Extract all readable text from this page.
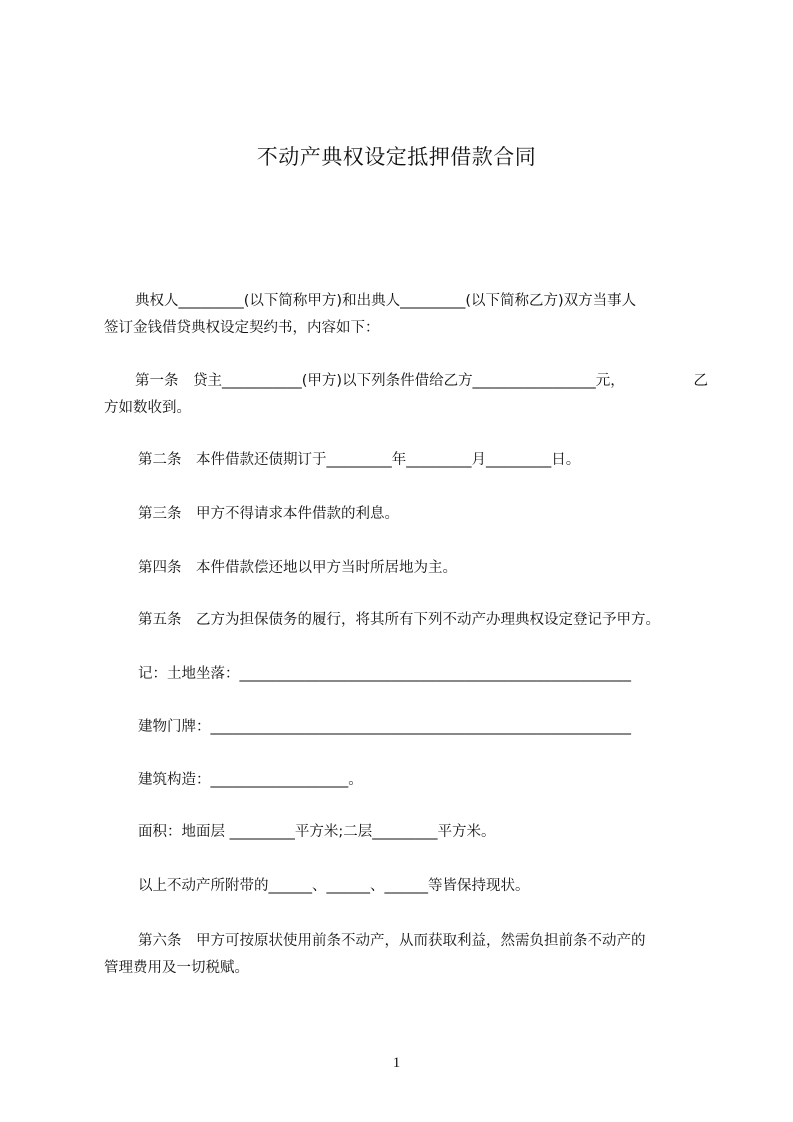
不动产典权设定抵押借款合同
典权人_________(以下简称甲方)和出典人_________(以下简称乙方)双方当事人
签订金钱借贷典权设定契约书，内容如下：
第一条　贷主___________(甲方)以下列条件借给乙方_________________元，	乙
方如数收到。

第二条　本件借款还债期订于_________年_________月_________日。

第三条　甲方不得请求本件借款的利息。

第四条　本件借款偿还地以甲方当时所居地为主。

第五条　乙方为担保债务的履行，将其所有下列不动产办理典权设定登记予甲方。

记：土地坐落：______________________________________________________

建物门牌：__________________________________________________________

建筑构造：___________________。

面积：地面层 _________平方米;二层_________平方米。

以上不动产所附带的______、______、______等皆保持现状。

第六条　甲方可按原状使用前条不动产，从而获取利益，然需负担前条不动产的
管理费用及一切税赋。
1
